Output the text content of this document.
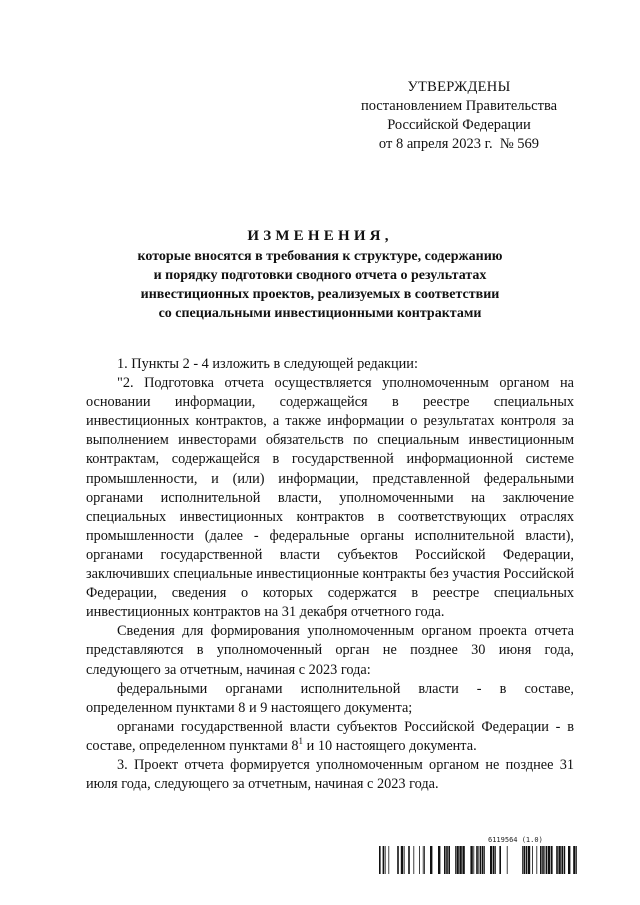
УТВЕРЖДЕНЫ
постановлением Правительства
Российской Федерации
от 8 апреля 2023 г.  № 569
ИЗМЕНЕНИЯ,
которые вносятся в требования к структуре, содержанию
и порядку подготовки сводного отчета о результатах
инвестиционных проектов, реализуемых в соответствии
со специальными инвестиционными контрактами

1. Пункты 2 - 4 изложить в следующей редакции:

"2. Подготовка отчета осуществляется уполномоченным органом на основании информации, содержащейся в реестре специальных инвестиционных контрактов, а также информации о результатах контроля за выполнением инвесторами обязательств по специальным инвестиционным контрактам, содержащейся в государственной информационной системе промышленности, и (или) информации, представленной федеральными органами исполнительной власти, уполномоченными на заключение специальных инвестиционных контрактов в соответствующих отраслях промышленности (далее - федеральные органы исполнительной власти), органами государственной власти субъектов Российской Федерации, заключивших специальные инвестиционные контракты без участия Российской Федерации, сведения о которых содержатся в реестре специальных инвестиционных контрактов на 31 декабря отчетного года.

Сведения для формирования уполномоченным органом проекта отчета представляются в уполномоченный орган не позднее 30 июня года, следующего за отчетным, начиная с 2023 года:

федеральными органами исполнительной власти - в составе, определенном пунктами 8 и 9 настоящего документа;

органами государственной власти субъектов Российской Федерации - в составе, определенном пунктами $8^1$ и 10 настоящего документа.

3. Проект отчета формируется уполномоченным органом не позднее 31 июля года, следующего за отчетным, начиная с 2023 года.

6119564 (1.0)
